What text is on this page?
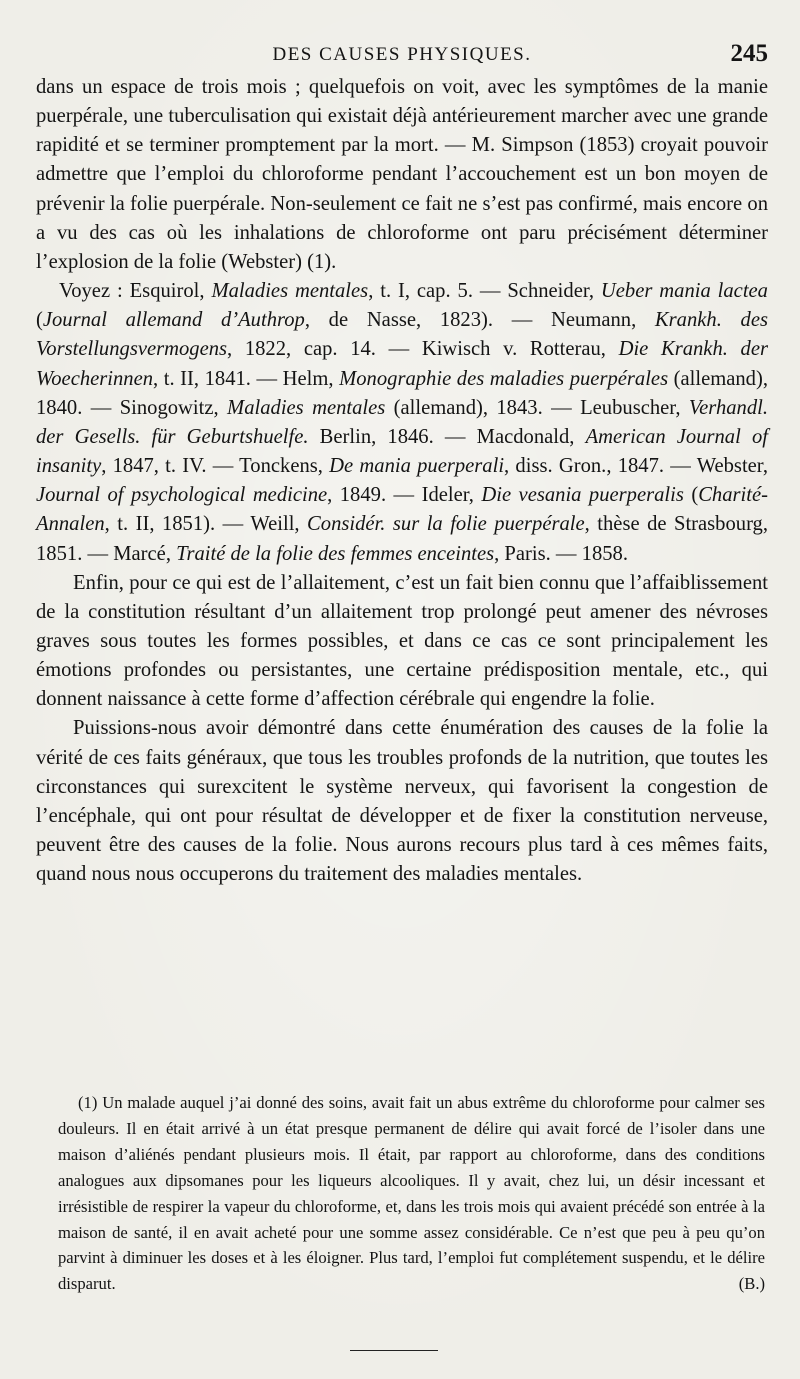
DES CAUSES PHYSIQUES.	245

dans un espace de trois mois ; quelquefois on voit, avec les symptômes de la manie puerpérale, une tuberculisation qui existait déjà antérieurement marcher avec une grande rapidité et se terminer promptement par la mort. — M. Simpson (1853) croyait pouvoir admettre que l’emploi du chloroforme pendant l’accouchement est un bon moyen de prévenir la folie puerpérale. Non-seulement ce fait ne s’est pas confirmé, mais encore on a vu des cas où les inhalations de chloroforme ont paru précisément déterminer l’explosion de la folie (Webster) (1).

Voyez : Esquirol, Maladies mentales, t. I, cap. 5. — Schneider, Ueber mania lactea (Journal allemand d’Authrop, de Nasse, 1823). — Neumann, Krankh. des Vorstellungsvermogens, 1822, cap. 14. — Kiwisch v. Rotterau, Die Krankh. der Woecherinnen, t. II, 1841. — Helm, Monographie des maladies puerpérales (allemand), 1840. — Sinogowitz, Maladies mentales (allemand), 1843. — Leubuscher, Verhandl. der Gesells. für Geburtshuelfe. Berlin, 1846. — Macdonald, American Journal of insanity, 1847, t. IV. — Tonckens, De mania puerperali, diss. Gron., 1847. — Webster, Journal of psychological medicine, 1849. — Ideler, Die vesania puerperalis (Charité-Annalen, t. II, 1851). — Weill, Considér. sur la folie puerpérale, thèse de Strasbourg, 1851. — Marcé, Traité de la folie des femmes enceintes, Paris. — 1858.

Enfin, pour ce qui est de l’allaitement, c’est un fait bien connu que l’affaiblissement de la constitution résultant d’un allaitement trop prolongé peut amener des névroses graves sous toutes les formes possibles, et dans ce cas ce sont principalement les émotions profondes ou persistantes, une certaine prédisposition mentale, etc., qui donnent naissance à cette forme d’affection cérébrale qui engendre la folie.

Puissions-nous avoir démontré dans cette énumération des causes de la folie la vérité de ces faits généraux, que tous les troubles profonds de la nutrition, que toutes les circonstances qui surexcitent le système nerveux, qui favorisent la congestion de l’encéphale, qui ont pour résultat de développer et de fixer la constitution nerveuse, peuvent être des causes de la folie. Nous aurons recours plus tard à ces mêmes faits, quand nous nous occuperons du traitement des maladies mentales.

(1) Un malade auquel j’ai donné des soins, avait fait un abus extrême du chloroforme pour calmer ses douleurs. Il en était arrivé à un état presque permanent de délire qui avait forcé de l’isoler dans une maison d’aliénés pendant plusieurs mois. Il était, par rapport au chloroforme, dans des conditions analogues aux dipsomanes pour les liqueurs alcooliques. Il y avait, chez lui, un désir incessant et irrésistible de respirer la vapeur du chloroforme, et, dans les trois mois qui avaient précédé son entrée à la maison de santé, il en avait acheté pour une somme assez considérable. Ce n’est que peu à peu qu’on parvint à diminuer les doses et à les éloigner. Plus tard, l’emploi fut complétement suspendu, et le délire disparut.	(B.)
